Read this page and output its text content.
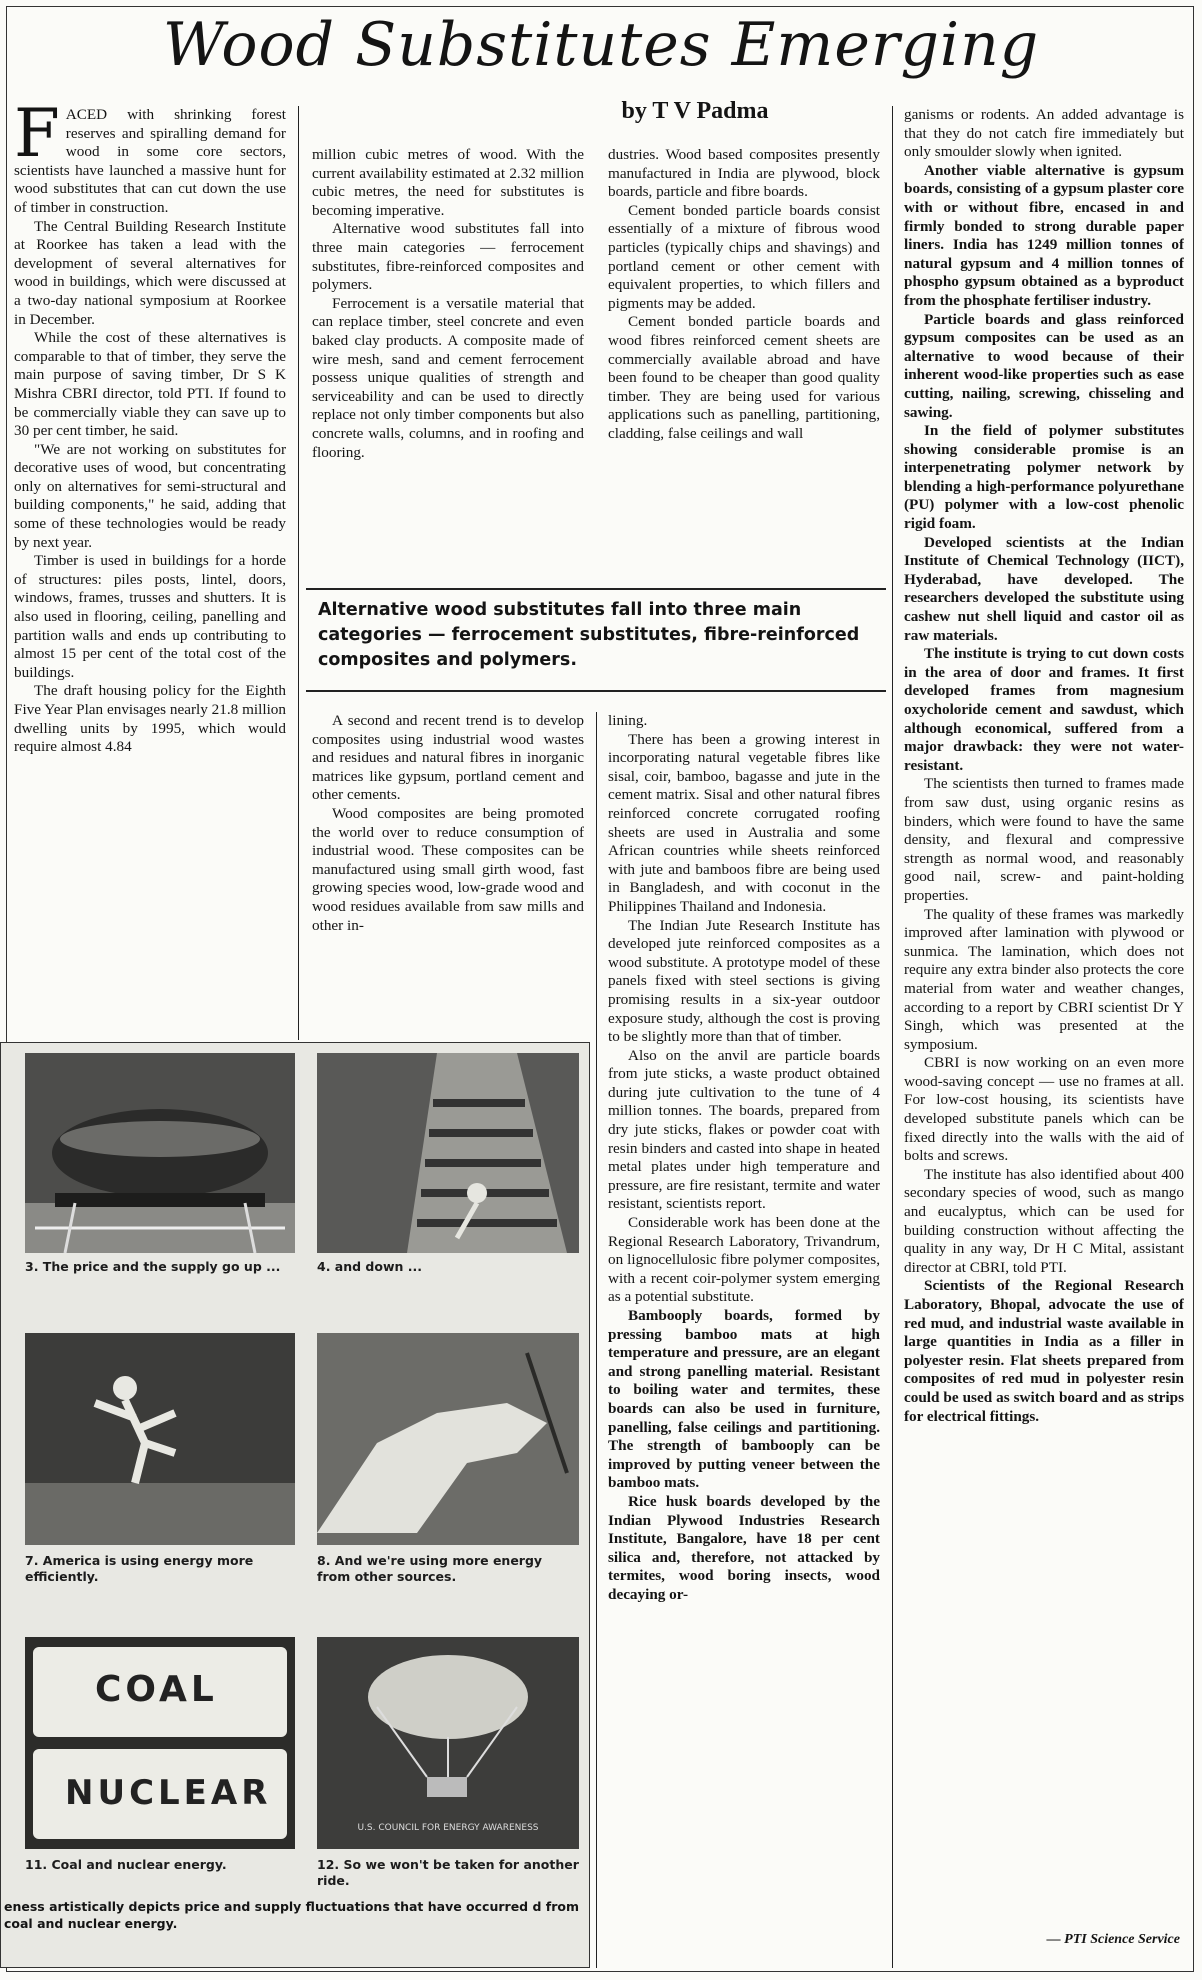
Wood Substitutes Emerging
by T V Padma

FACED with shrinking forest reserves and spiralling demand for wood in some core sectors, scientists have launched a massive hunt for wood substitutes that can cut down the use of timber in construction.

The Central Building Research Institute at Roorkee has taken a lead with the development of several alternatives for wood in buildings, which were discussed at a two-day national symposium at Roorkee in December.

While the cost of these alternatives is comparable to that of timber, they serve the main purpose of saving timber, Dr S K Mishra CBRI director, told PTI. If found to be commercially viable they can save up to 30 per cent timber, he said.

"We are not working on substitutes for decorative uses of wood, but concentrating only on alternatives for semi-structural and building components," he said, adding that some of these technologies would be ready by next year.

Timber is used in buildings for a horde of structures: piles posts, lintel, doors, windows, frames, trusses and shutters. It is also used in flooring, ceiling, panelling and partition walls and ends up contributing to almost 15 per cent of the total cost of the buildings.

The draft housing policy for the Eighth Five Year Plan envisages nearly 21.8 million dwelling units by 1995, which would require almost 4.84

million cubic metres of wood. With the current availability estimated at 2.32 million cubic metres, the need for substitutes is becoming imperative.

Alternative wood substitutes fall into three main categories — ferrocement substitutes, fibre-reinforced composites and polymers.

Ferrocement is a versatile material that can replace timber, steel concrete and even baked clay products. A composite made of wire mesh, sand and cement ferrocement possess unique qualities of strength and serviceability and can be used to directly replace not only timber components but also concrete walls, columns, and in roofing and flooring.

dustries. Wood based composites presently manufactured in India are plywood, block boards, particle and fibre boards.

Cement bonded particle boards consist essentially of a mixture of fibrous wood particles (typically chips and shavings) and portland cement or other cement with equivalent properties, to which fillers and pigments may be added.

Cement bonded particle boards and wood fibres reinforced cement sheets are commercially available abroad and have been found to be cheaper than good quality timber. They are being used for various applications such as panelling, partitioning, cladding, false ceilings and wall

Alternative wood substitutes fall into three main categories — ferrocement substitutes, fibre-reinforced composites and polymers.

A second and recent trend is to develop composites using industrial wood wastes and residues and natural fibres in inorganic matrices like gypsum, portland cement and other cements.

Wood composites are being promoted the world over to reduce consumption of industrial wood. These composites can be manufactured using small girth wood, fast growing species wood, low-grade wood and wood residues available from saw mills and other in-

lining.

There has been a growing interest in incorporating natural vegetable fibres like sisal, coir, bamboo, bagasse and jute in the cement matrix. Sisal and other natural fibres reinforced concrete corrugated roofing sheets are used in Australia and some African countries while sheets reinforced with jute and bamboos fibre are being used in Bangladesh, and with coconut in the Philippines Thailand and Indonesia.

The Indian Jute Research Institute has developed jute reinforced composites as a wood substitute. A prototype model of these panels fixed with steel sections is giving promising results in a six-year outdoor exposure study, although the cost is proving to be slightly more than that of timber.

Also on the anvil are particle boards from jute sticks, a waste product obtained during jute cultivation to the tune of 4 million tonnes. The boards, prepared from dry jute sticks, flakes or powder coat with resin binders and casted into shape in heated metal plates under high temperature and pressure, are fire resistant, termite and water resistant, scientists report.

Considerable work has been done at the Regional Research Laboratory, Trivandrum, on lignocellulosic fibre polymer composites, with a recent coir-polymer system emerging as a potential substitute.

Bambooply boards, formed by pressing bamboo mats at high temperature and pressure, are an elegant and strong panelling material. Resistant to boiling water and termites, these boards can also be used in furniture, panelling, false ceilings and partitioning. The strength of bambooply can be improved by putting veneer between the bamboo mats.

Rice husk boards developed by the Indian Plywood Industries Research Institute, Bangalore, have 18 per cent silica and, therefore, not attacked by termites, wood boring insects, wood decaying or-

ganisms or rodents. An added advantage is that they do not catch fire immediately but only smoulder slowly when ignited.

Another viable alternative is gypsum boards, consisting of a gypsum plaster core with or without fibre, encased in and firmly bonded to strong durable paper liners. India has 1249 million tonnes of natural gypsum and 4 million tonnes of phospho gypsum obtained as a byproduct from the phosphate fertiliser industry.

Particle boards and glass reinforced gypsum composites can be used as an alternative to wood because of their inherent wood-like properties such as ease cutting, nailing, screwing, chisseling and sawing.

In the field of polymer substitutes showing considerable promise is an interpenetrating polymer network by blending a high-performance polyurethane (PU) polymer with a low-cost phenolic rigid foam.

Developed scientists at the Indian Institute of Chemical Technology (IICT), Hyderabad, have developed. The researchers developed the substitute using cashew nut shell liquid and castor oil as raw materials.

The institute is trying to cut down costs in the area of door and frames. It first developed frames from magnesium oxycholoride cement and sawdust, which although economical, suffered from a major drawback: they were not water-resistant.

The scientists then turned to frames made from saw dust, using organic resins as binders, which were found to have the same density, and flexural and compressive strength as normal wood, and reasonably good nail, screw- and paint-holding properties.

The quality of these frames was markedly improved after lamination with plywood or sunmica. The lamination, which does not require any extra binder also protects the core material from water and weather changes, according to a report by CBRI scientist Dr Y Singh, which was presented at the symposium.

CBRI is now working on an even more wood-saving concept — use no frames at all. For low-cost housing, its scientists have developed substitute panels which can be fixed directly into the walls with the aid of bolts and screws.

The institute has also identified about 400 secondary species of wood, such as mango and eucalyptus, which can be used for building construction without affecting the quality in any way, Dr H C Mital, assistant director at CBRI, told PTI.

Scientists of the Regional Research Laboratory, Bhopal, advocate the use of red mud, and industrial waste available in large quantities in India as a filler in polyester resin. Flat sheets prepared from composites of red mud in polyester resin could be used as switch board and as strips for electrical fittings.

— PTI Science Service
3. The price and the supply go up ...	4. and down ...
7. America is using energy more efficiently.
8. And we're using more energy from other sources.
COAL
NUCLEAR
11. Coal and nuclear energy.
U.S. COUNCIL FOR ENERGY AWARENESS
12. So we won't be taken for another ride.
eness artistically depicts price and supply fluctuations that have occurred d from coal and nuclear energy.
